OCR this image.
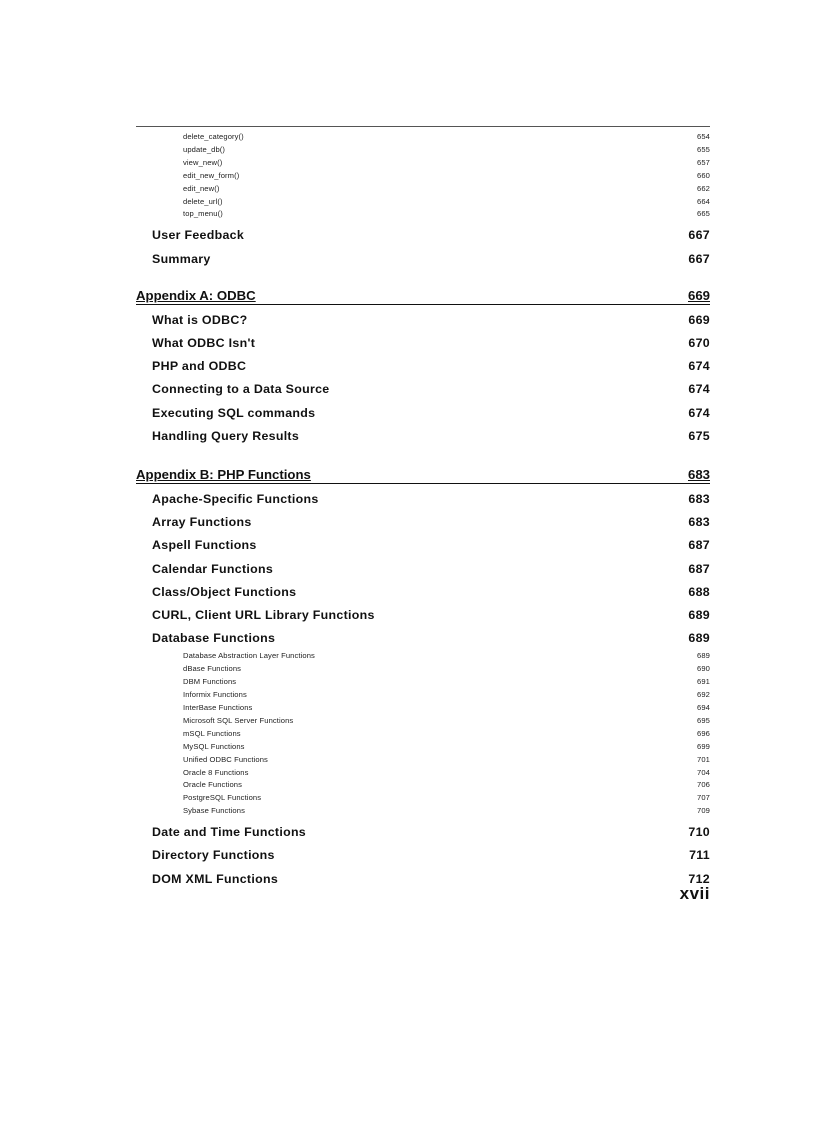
delete_category()	654
update_db()	655
view_new()	657
edit_new_form()	660
edit_new()	662
delete_url()	664
top_menu()	665
User Feedback	667
Summary	667
Appendix A: ODBC	669
What is ODBC?	669
What ODBC Isn't	670
PHP and ODBC	674
Connecting to a Data Source	674
Executing SQL commands	674
Handling Query Results	675
Appendix B: PHP Functions	683
Apache-Specific Functions	683
Array Functions	683
Aspell Functions	687
Calendar Functions	687
Class/Object Functions	688
CURL, Client URL Library Functions	689
Database Functions	689
Database Abstraction Layer Functions	689
dBase Functions	690
DBM Functions	691
Informix Functions	692
InterBase Functions	694
Microsoft SQL Server Functions	695
mSQL Functions	696
MySQL Functions	699
Unified ODBC Functions	701
Oracle 8 Functions	704
Oracle Functions	706
PostgreSQL Functions	707
Sybase Functions	709
Date and Time Functions	710
Directory Functions	711
DOM XML Functions	712
xvii
